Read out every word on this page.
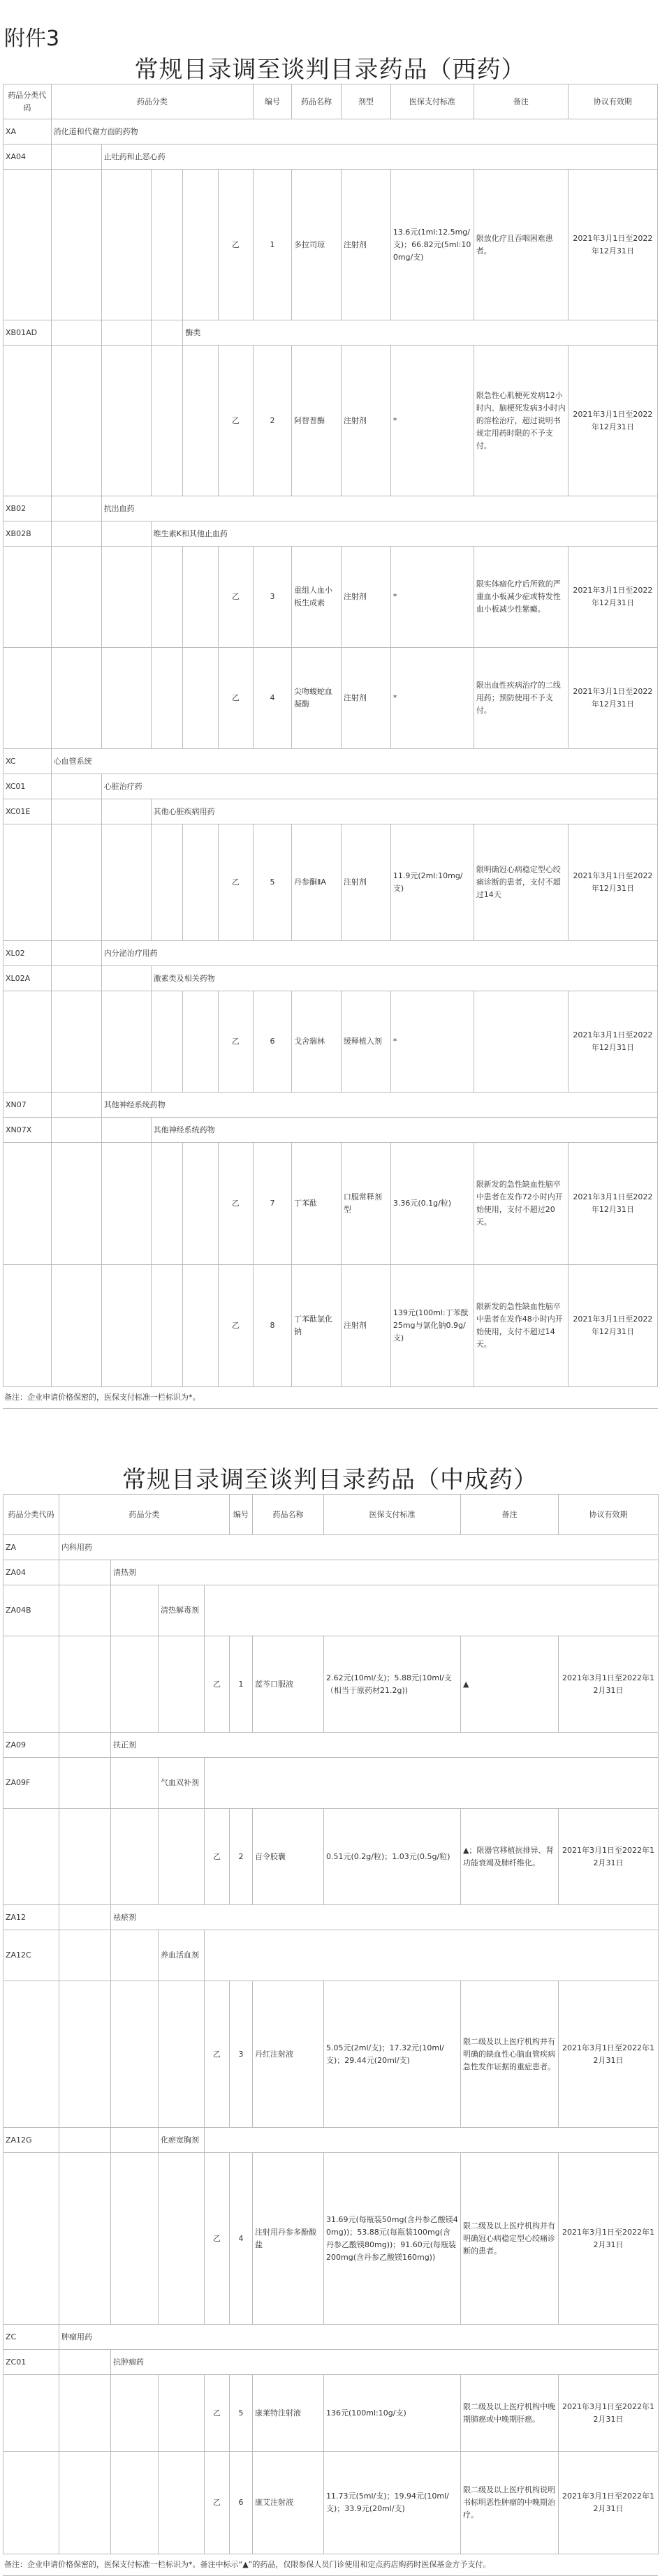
附件3
常规目录调至谈判目录药品（西药）
药品分类代码	药品分类					编号	药品名称	剂型	医保支付标准	备注	协议有效期
XA	消化道和代谢方面的药物										
XA04		止吐药和止恶心药									
					乙	1	多拉司琼	注射剂	13.6元(1ml:12.5mg/支)；66.82元(5ml:100mg/支)	限放化疗且吞咽困难患者。	2021年3月1日至2022年12月31日
XB01AD				酶类							
					乙	2	阿替普酶	注射剂	*	限急性心肌梗死发病12小时内、脑梗死发病3小时内的溶栓治疗，超过说明书规定用药时限的不予支付。	2021年3月1日至2022年12月31日
XB02		抗出血药									
XB02B			维生素K和其他止血药								
					乙	3	重组人血小板生成素	注射剂	*	限实体瘤化疗后所致的严重血小板减少症或特发性血小板减少性紫癜。	2021年3月1日至2022年12月31日
					乙	4	尖吻蝮蛇血凝酶	注射剂	*	限出血性疾病治疗的二线用药；预防使用不予支付。	2021年3月1日至2022年12月31日
XC	心血管系统										
XC01		心脏治疗药									
XC01E			其他心脏疾病用药								
					乙	5	丹参酮ⅡA	注射剂	11.9元(2ml:10mg/支)	限明确冠心病稳定型心绞痛诊断的患者，支付不超过14天	2021年3月1日至2022年12月31日
XL02		内分泌治疗用药									
XL02A			激素类及相关药物								
					乙	6	戈舍瑞林	缓释植入剂	*		2021年3月1日至2022年12月31日
XN07		其他神经系统药物									
XN07X			其他神经系统药物								
					乙	7	丁苯酞	口服常释剂型	3.36元(0.1g/粒)	限新发的急性缺血性脑卒中患者在发作72小时内开始使用，支付不超过20天。	2021年3月1日至2022年12月31日
					乙	8	丁苯酞氯化钠	注射剂	139元(100ml:丁苯酞25mg与氯化钠0.9g/支)	限新发的急性缺血性脑卒中患者在发作48小时内开始使用，支付不超过14天。	2021年3月1日至2022年12月31日
备注：企业申请价格保密的，医保支付标准一栏标识为*。
常规目录调至谈判目录药品（中成药）
药品分类代码	药品分类				编号	药品名称	医保支付标准	备注	协议有效期
ZA	内科用药								
ZA04		清热剂							
ZA04B			清热解毒剂						
				乙	1	蓝芩口服液	2.62元(10ml/支)；5.88元(10ml/支（相当于原药材21.2g))	▲	2021年3月1日至2022年12月31日
ZA09		扶正剂							
ZA09F			气血双补剂						
				乙	2	百令胶囊	0.51元(0.2g/粒)；1.03元(0.5g/粒)	▲；限器官移植抗排异、肾功能衰竭及肺纤维化。	2021年3月1日至2022年12月31日
ZA12		祛瘀剂							
ZA12C			养血活血剂						
				乙	3	丹红注射液	5.05元(2ml/支)；17.32元(10ml/支)；29.44元(20ml/支)	限二级及以上医疗机构并有明确的缺血性心脑血管疾病急性发作证据的重症患者。	2021年3月1日至2022年12月31日
ZA12G			化瘀宽胸剂						
				乙	4	注射用丹参多酚酸盐	31.69元(每瓶装50mg(含丹参乙酸镁40mg))；53.88元(每瓶装100mg(含丹参乙酸镁80mg))；91.60元(每瓶装200mg(含丹参乙酸镁160mg))	限二级及以上医疗机构并有明确冠心病稳定型心绞痛诊断的患者。	2021年3月1日至2022年12月31日
ZC	肿瘤用药								
ZC01		抗肿瘤药							
				乙	5	康莱特注射液	136元(100ml:10g/支)	限二级及以上医疗机构中晚期肺癌或中晚期肝癌。	2021年3月1日至2022年12月31日
				乙	6	康艾注射液	11.73元(5ml/支)；19.94元(10ml/支)；33.9元(20ml/支)	限二级及以上医疗机构说明书标明恶性肿瘤的中晚期治疗。	2021年3月1日至2022年12月31日
备注：企业申请价格保密的，医保支付标准一栏标识为*。备注中标示“▲”的药品，仅限参保人员门诊使用和定点药店购药时医保基金方予支付。
